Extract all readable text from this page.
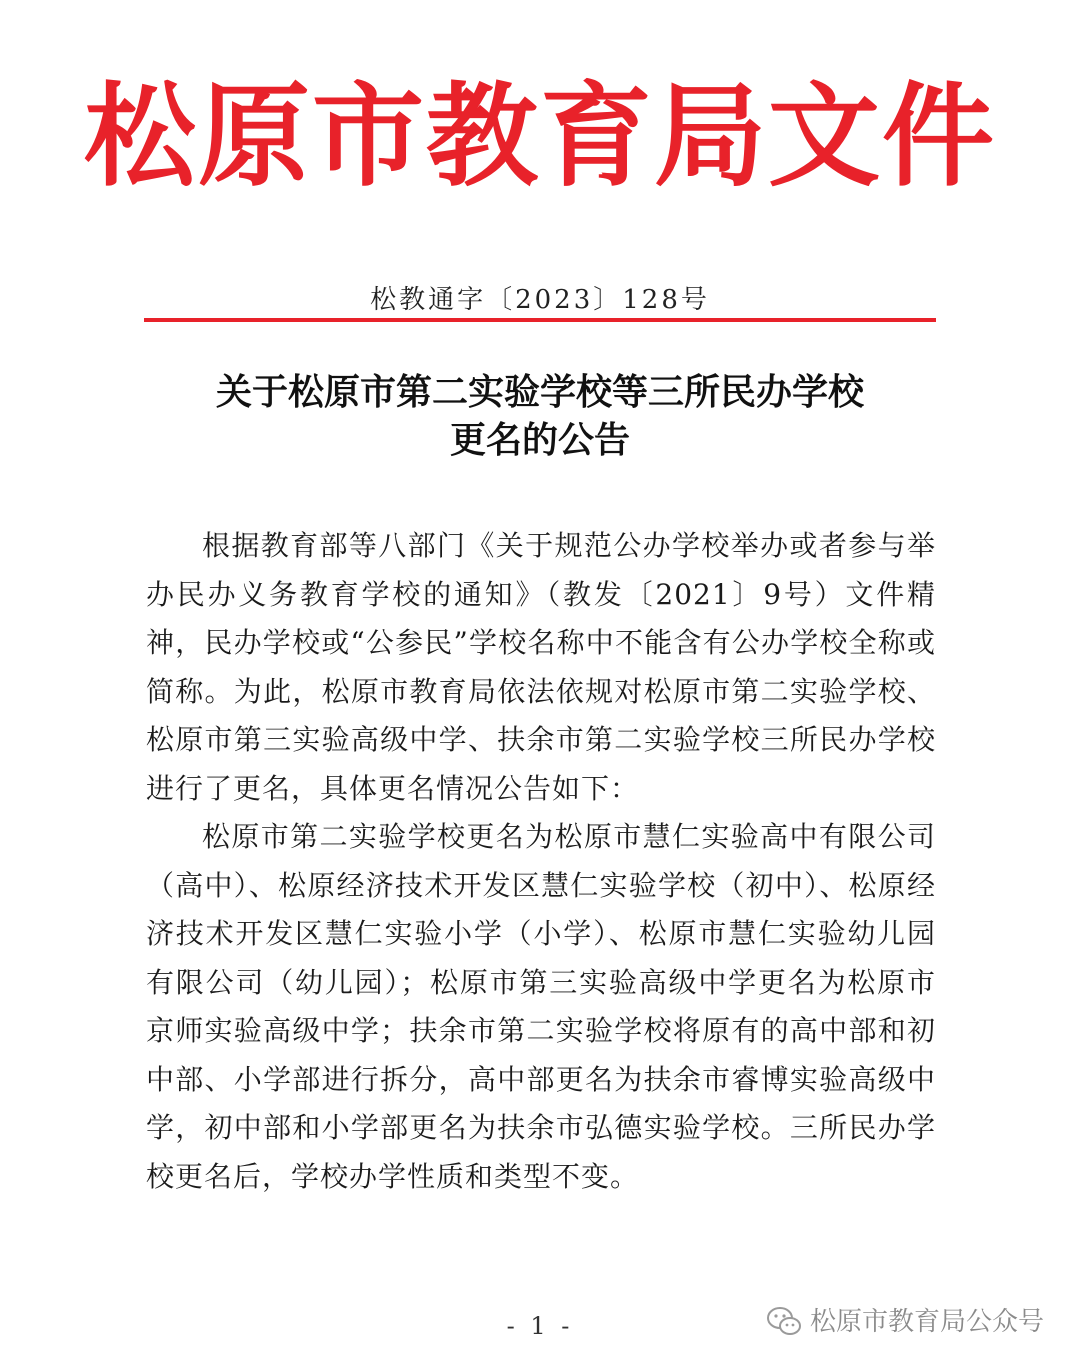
松原市教育局文件
松教通字〔2023〕128号
关于松原市第二实验学校等三所民办学校
更名的公告

根据教育部等八部门《关于规范公办学校举办或者参与举办民办义务教育学校的通知》（教发〔2021〕9号）文件精神，民办学校或“公参民”学校名称中不能含有公办学校全称或简称。为此，松原市教育局依法依规对松原市第二实验学校、松原市第三实验高级中学、扶余市第二实验学校三所民办学校进行了更名，具体更名情况公告如下：

松原市第二实验学校更名为松原市慧仁实验高中有限公司（高中）、松原经济技术开发区慧仁实验学校（初中）、松原经济技术开发区慧仁实验小学（小学）、松原市慧仁实验幼儿园有限公司（幼儿园）；松原市第三实验高级中学更名为松原市京师实验高级中学；扶余市第二实验学校将原有的高中部和初中部、小学部进行拆分，高中部更名为扶余市睿博实验高级中学，初中部和小学部更名为扶余市弘德实验学校。三所民办学校更名后，学校办学性质和类型不变。

- 1 -	松原市教育局公众号
